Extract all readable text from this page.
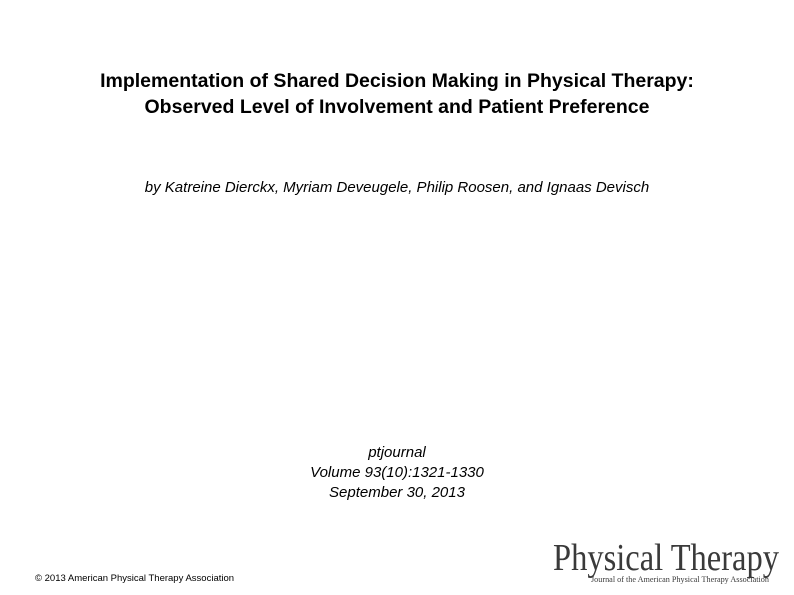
Implementation of Shared Decision Making in Physical Therapy: Observed Level of Involvement and Patient Preference
by Katreine Dierckx, Myriam Deveugele, Philip Roosen, and Ignaas Devisch
ptjournal
Volume 93(10):1321-1330
September 30, 2013
© 2013 American Physical Therapy Association	Physical Therapy
Journal of the American Physical Therapy Association
